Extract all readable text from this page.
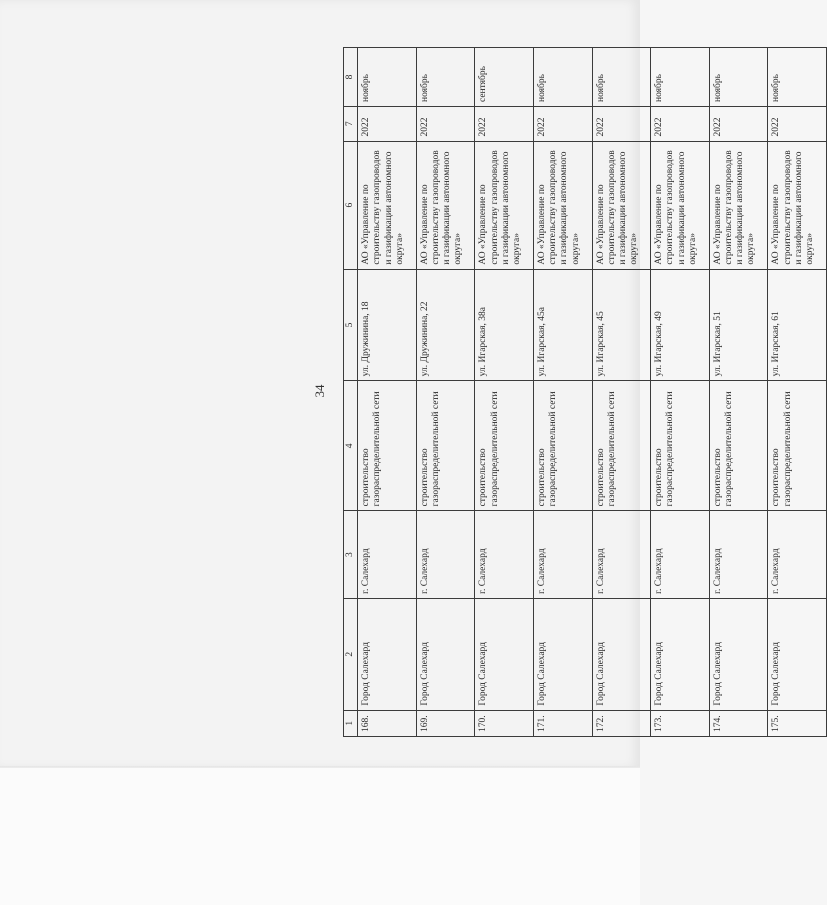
34
1	2	3	4	5	6	7	8
168.	Город Салехард	г. Салехард	строительство газораспределительной сети	ул. Дружинина, 18	АО «Управление по строительству газопроводов и газификации автономного округа»	2022	ноябрь
169.	Город Салехард	г. Салехард	строительство газораспределительной сети	ул. Дружинина, 22	АО «Управление по строительству газопроводов и газификации автономного округа»	2022	ноябрь
170.	Город Салехард	г. Салехард	строительство газораспределительной сети	ул. Игарская, 38а	АО «Управление по строительству газопроводов и газификации автономного округа»	2022	сентябрь
171.	Город Салехард	г. Салехард	строительство газораспределительной сети	ул. Игарская, 45а	АО «Управление по строительству газопроводов и газификации автономного округа»	2022	ноябрь
172.	Город Салехард	г. Салехард	строительство газораспределительной сети	ул. Игарская, 45	АО «Управление по строительству газопроводов и газификации автономного округа»	2022	ноябрь
173.	Город Салехард	г. Салехард	строительство газораспределительной сети	ул. Игарская, 49	АО «Управление по строительству газопроводов и газификации автономного округа»	2022	ноябрь
174.	Город Салехард	г. Салехард	строительство газораспределительной сети	ул. Игарская, 51	АО «Управление по строительству газопроводов и газификации автономного округа»	2022	ноябрь
175.	Город Салехард	г. Салехард	строительство газораспределительной сети	ул. Игарская, 61	АО «Управление по строительству газопроводов и газификации автономного округа»	2022	ноябрь
